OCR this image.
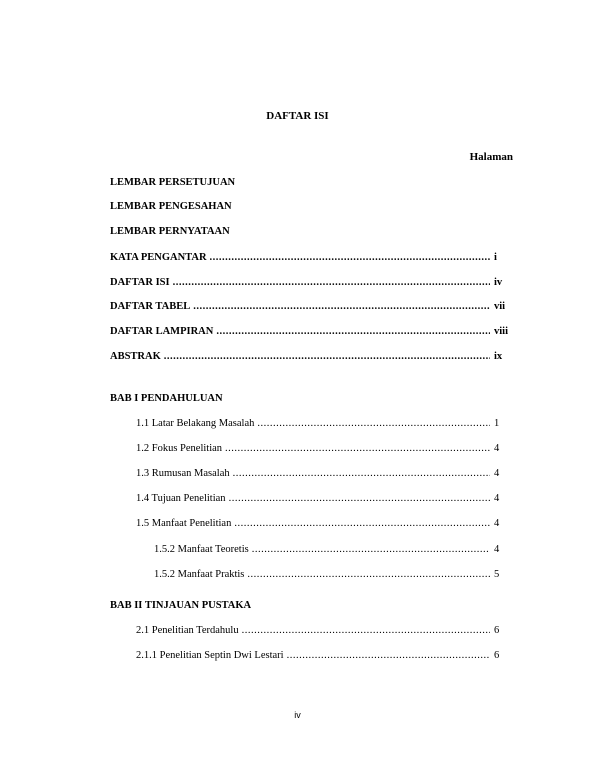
DAFTAR ISI
Halaman
LEMBAR PERSETUJUAN
LEMBAR PENGESAHAN
LEMBAR PERNYATAAN
KATA PENGANTAR .....	i
DAFTAR ISI .....	iv
DAFTAR TABEL .....	vii
DAFTAR LAMPIRAN .....	viii
ABSTRAK .....	ix
BAB I PENDAHULUAN
1.1 Latar Belakang Masalah .....	1
1.2 Fokus Penelitian .....	4
1.3 Rumusan Masalah .....	4
1.4 Tujuan Penelitian .....	4
1.5 Manfaat Penelitian .....	4
1.5.2 Manfaat Teoretis .....	4
1.5.2 Manfaat Praktis .....	5
BAB II TINJAUAN PUSTAKA
2.1 Penelitian Terdahulu .....	6
2.1.1 Penelitian Septin Dwi Lestari .....	6
iv
